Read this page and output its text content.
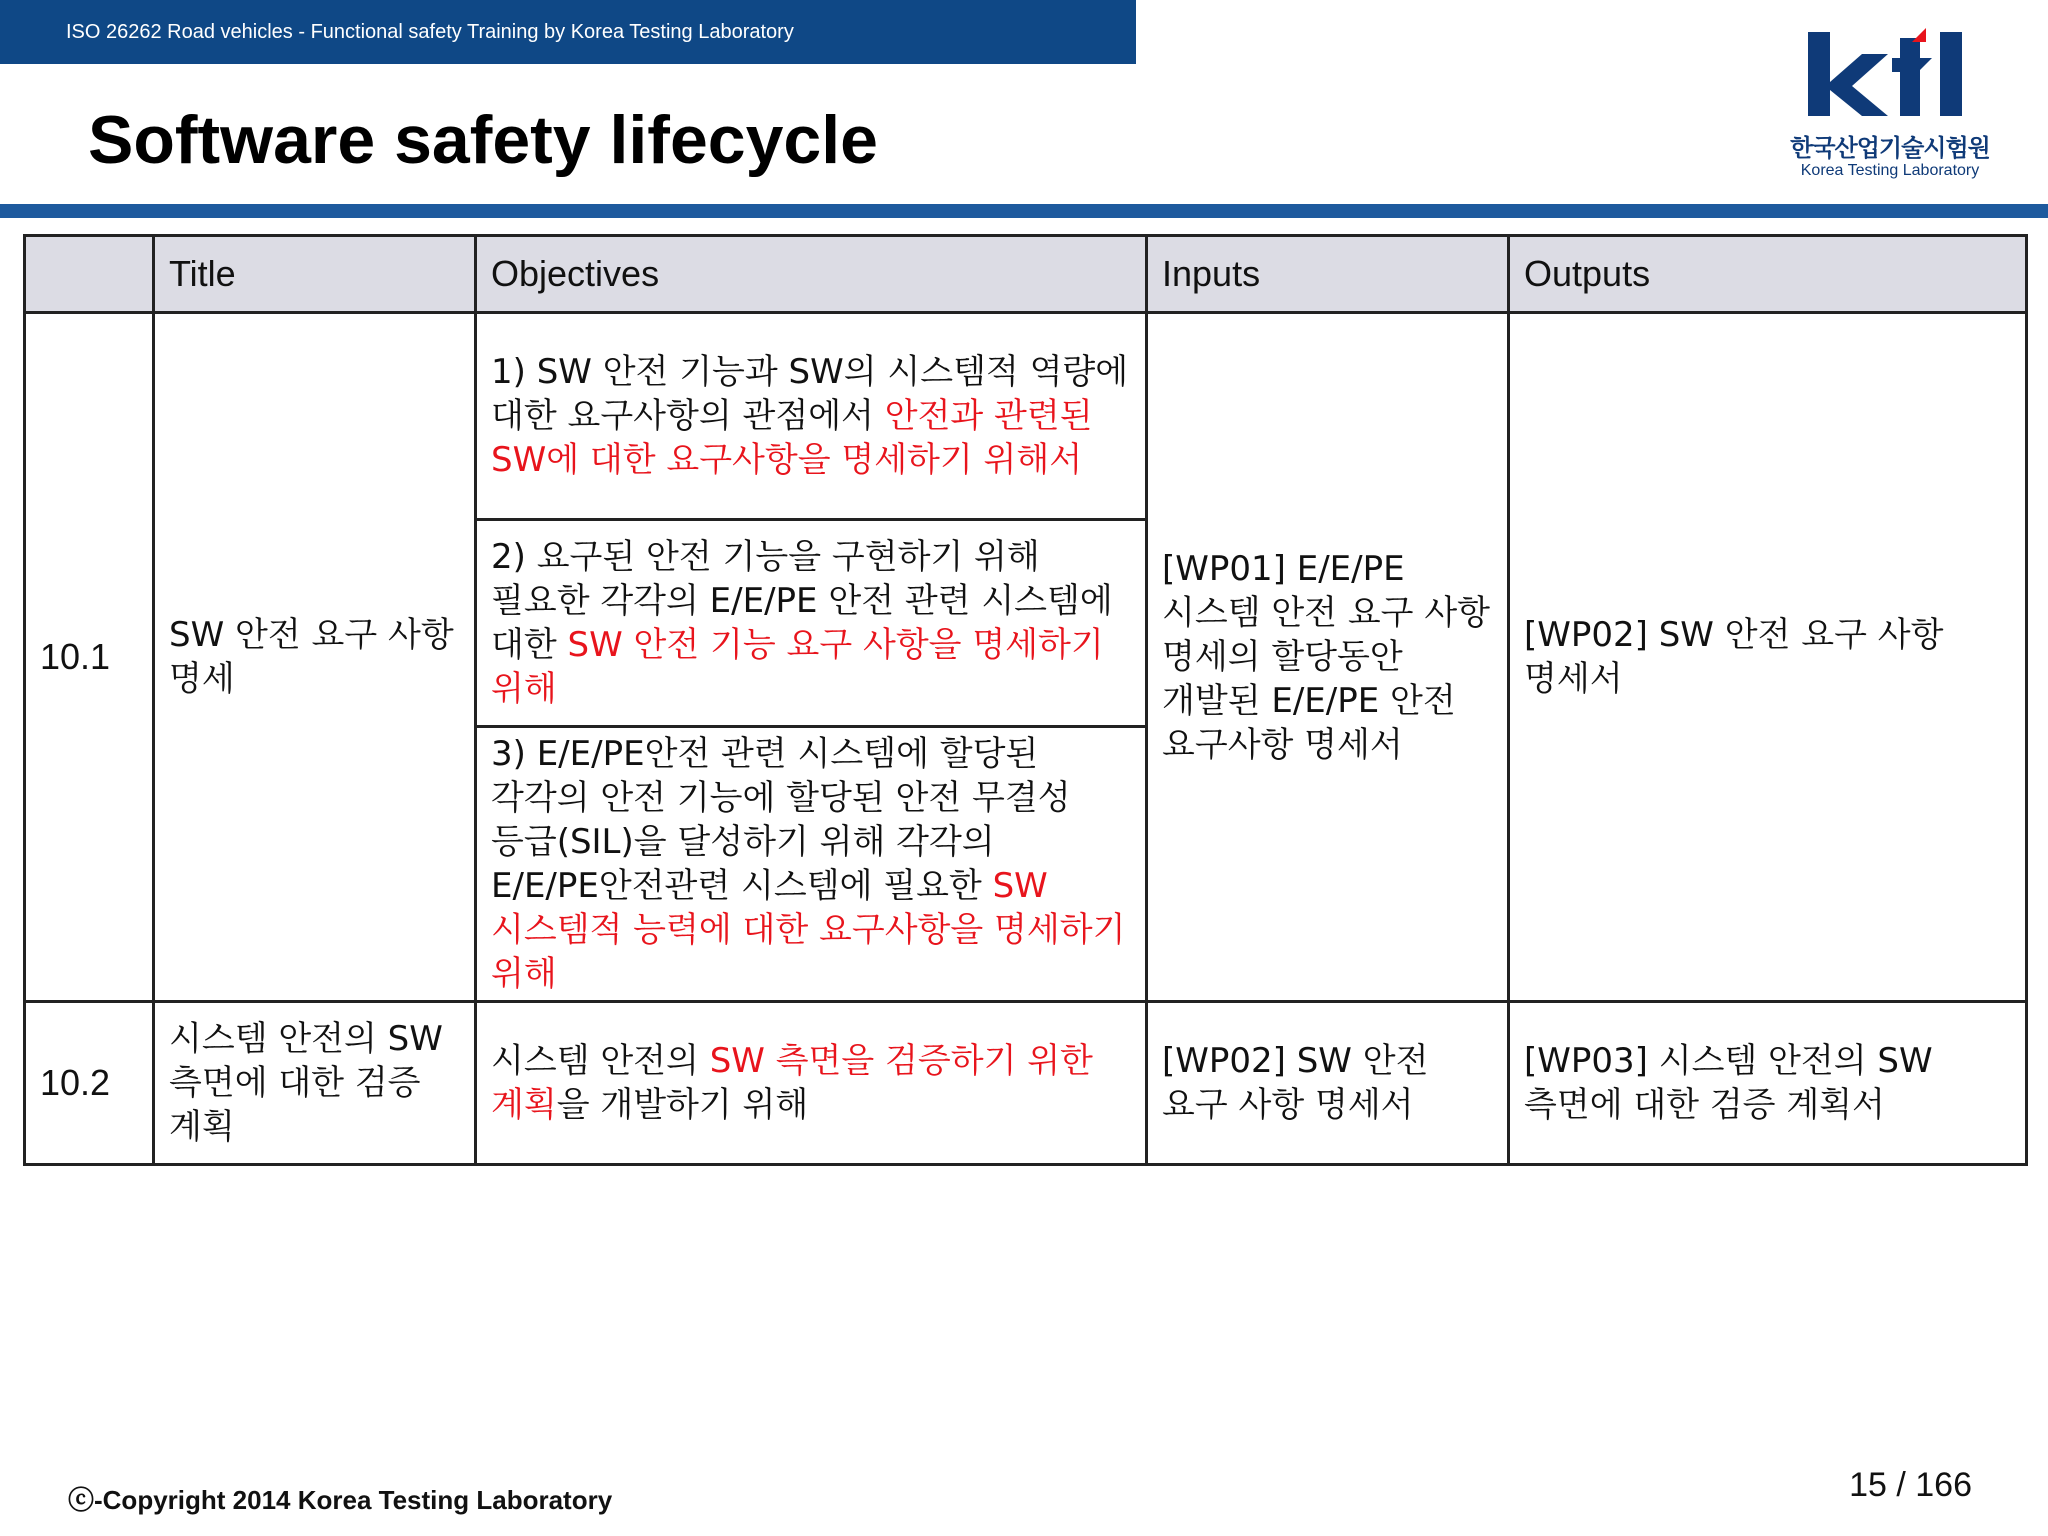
ISO 26262 Road vehicles - Functional safety Training by Korea Testing Laboratory
Software safety lifecycle	한국산업기술시험원
Korea Testing Laboratory
	Title	Objectives	Inputs	Outputs
10.1	SW 안전 요구 사항 명세	1) SW 안전 기능과 SW의 시스템적 역량에 대한 요구사항의 관점에서 안전과 관련된 SW에 대한 요구사항을 명세하기 위해서	[WP01] E/E/PE 시스템 안전 요구 사항 명세의 할당동안 개발된 E/E/PE 안전 요구사항 명세서	[WP02] SW 안전 요구 사항 명세서
		2) 요구된 안전 기능을 구현하기 위해 필요한 각각의 E/E/PE 안전 관련 시스템에 대한 SW 안전 기능 요구 사항을 명세하기 위해		
		3) E/E/PE안전 관련 시스템에 할당된 각각의 안전 기능에 할당된 안전 무결성 등급(SIL)을 달성하기 위해 각각의 E/E/PE안전관련 시스템에 필요한 SW 시스템적 능력에 대한 요구사항을 명세하기 위해		
10.2	시스템 안전의 SW 측면에 대한 검증 계획	시스템 안전의 SW 측면을 검증하기 위한 계획을 개발하기 위해	[WP02] SW 안전 요구 사항 명세서	[WP03] 시스템 안전의 SW 측면에 대한 검증 계획서
ⓒ-Copyright 2014 Korea Testing Laboratory	15 / 166
